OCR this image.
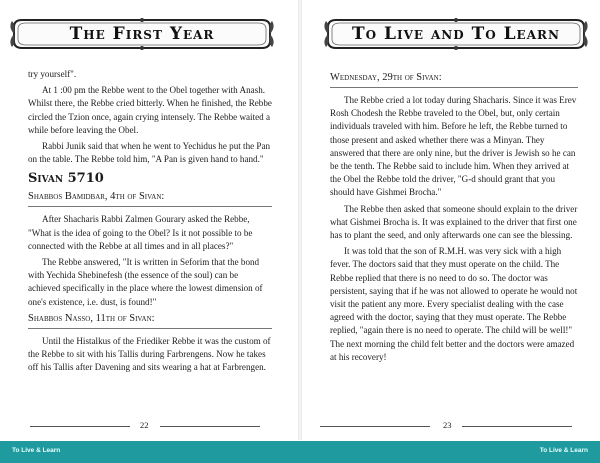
The First Year

try yourself".

At 1 :00 pm the Rebbe went to the Obel together with Anash. Whilst there, the Rebbe cried bitterly. When he finished, the Rebbe circled the Tzion once, again crying intensely. The Rebbe waited a while before leaving the Obel.

Rabbi Junik said that when he went to Yechidus he put the Pan on the table. The Rebbe told him, "A Pan is given hand to hand."

Sivan 5710
Shabbos Bamidbar, 4th of Sivan:

After Shacharis Rabbi Zalmen Gourary asked the Rebbe, "What is the idea of going to the Obel? Is it not possible to be connected with the Rebbe at all times and in all places?"

The Rebbe answered, "It is written in Seforim that the bond with Yechida Shebinefesh (the essence of the soul) can be achieved specifically in the place where the lowest dimension of one's existence, i.e. dust, is found!"

Shabbos Nasso, 11th of Sivan:

Until the Histalkus of the Friediker Rebbe it was the custom of the Rebbe to sit with his Tallis during Farbrengens. Now he takes off his Tallis after Davening and sits wearing a hat at Farbrengen.

22
To Live and To Learn
Wednesday, 29th of Sivan:

The Rebbe cried a lot today during Shacharis. Since it was Erev Rosh Chodesh the Rebbe traveled to the Obel, but, only certain individuals traveled with him. Before he left, the Rebbe turned to those present and asked whether there was a Minyan. They answered that there are only nine, but the driver is Jewish so he can be the tenth. The Rebbe said to include him. When they arrived at the Obel the Rebbe told the driver, "G-d should grant that you should have Gishmei Brocha."

The Rebbe then asked that someone should explain to the driver what Gishmei Brocha is. It was explained to the driver that first one has to plant the seed, and only afterwards one can see the blessing.

It was told that the son of R.M.H. was very sick with a high fever. The doctors said that they must operate on the child. The Rebbe replied that there is no need to do so. The doctor was persistent, saying that if he was not allowed to operate he would not visit the patient any more. Every specialist dealing with the case agreed with the doctor, saying that they must operate. The Rebbe replied, "again there is no need to operate. The child will be well!" The next morning the child felt better and the doctors were amazed at his recovery!

23
To Live & Learn	To Live & Learn
